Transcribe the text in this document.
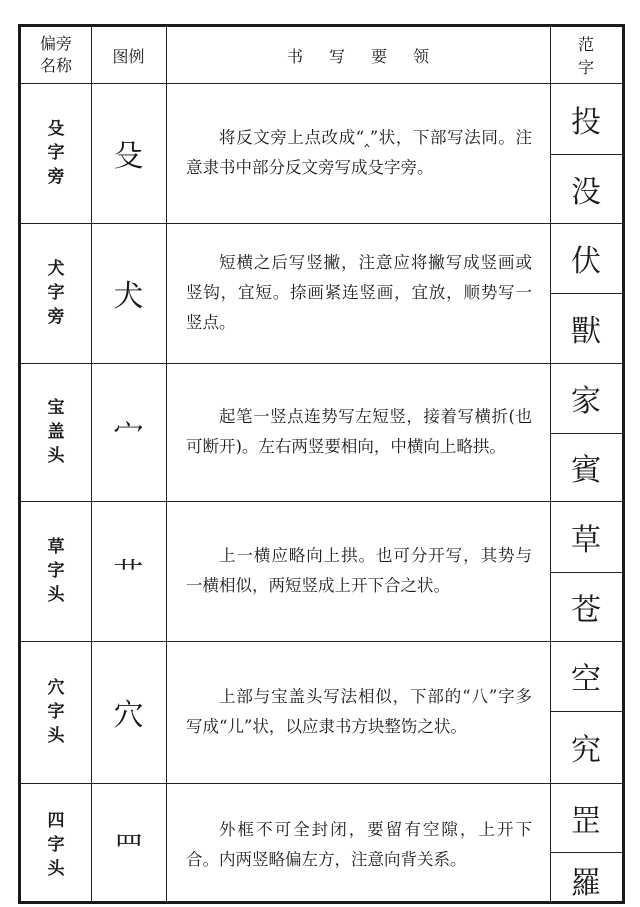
偏旁名称	图例	书写要领
范字
殳字旁
殳
将反文旁上点改成“‸”状，下部写法同。注意隶书中部分反文旁写成殳字旁。
投
没
犬字旁
犬
短横之后写竖撇，注意应将撇写成竖画或竖钩，宜短。捺画紧连竖画，宜放，顺势写一竖点。
伏
獸
宝盖头
宀
起笔一竖点连势写左短竖，接着写横折(也可断开)。左右两竖要相向，中横向上略拱。
家
賓
草字头
艹
上一横应略向上拱。也可分开写，其势与一横相似，两短竖成上开下合之状。
草
苍
穴字头
穴
上部与宝盖头写法相似，下部的“八”字多写成“儿”状，以应隶书方块整饬之状。
空
究
四字头
罒
外框不可全封闭，要留有空隙，上开下合。内两竖略偏左方，注意向背关系。
罡
羅
